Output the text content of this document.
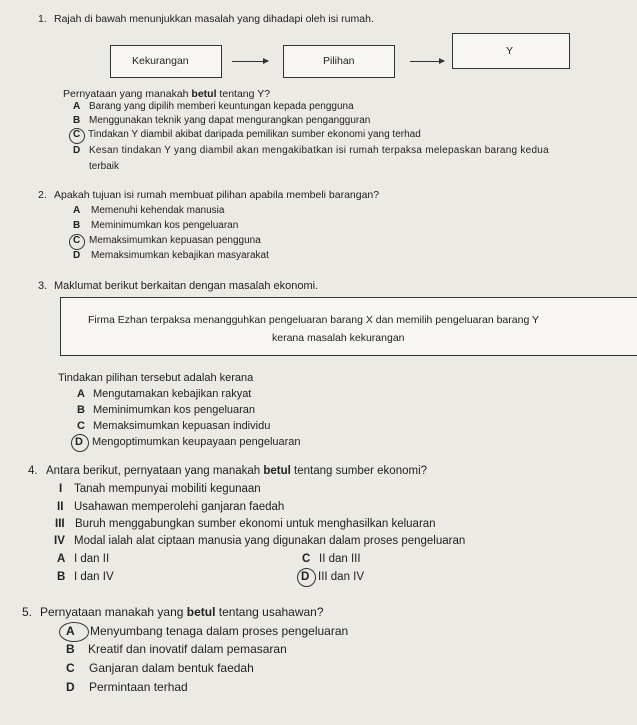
1. Rajah di bawah menunjukkan masalah yang dihadapi oleh isi rumah.
Kekurangan	Pilihan
Y
Pernyataan yang manakah betul tentang Y?
A Barang yang dipilih memberi keuntungan kepada pengguna
B Menggunakan teknik yang dapat mengurangkan pengangguran
C Tindakan Y diambil akibat daripada pemilikan sumber ekonomi yang terhad
D Kesan tindakan Y yang diambil akan mengakibatkan isi rumah terpaksa melepaskan barang kedua
terbaik
2. Apakah tujuan isi rumah membuat pilihan apabila membeli barangan?
A Memenuhi kehendak manusia
B Meminimumkan kos pengeluaran
C Memaksimumkan kepuasan pengguna
D Memaksimumkan kebajikan masyarakat
3. Maklumat berikut berkaitan dengan masalah ekonomi.
Firma Ezhan terpaksa menangguhkan pengeluaran barang X dan memilih pengeluaran barang Y
kerana masalah kekurangan
Tindakan pilihan tersebut adalah kerana
A Mengutamakan kebajikan rakyat
B Meminimumkan kos pengeluaran
C Memaksimumkan kepuasan individu
D Mengoptimumkan keupayaan pengeluaran
4. Antara berikut, pernyataan yang manakah betul tentang sumber ekonomi?
I Tanah mempunyai mobiliti kegunaan
II Usahawan memperolehi ganjaran faedah
III Buruh menggabungkan sumber ekonomi untuk menghasilkan keluaran
IV Modal ialah alat ciptaan manusia yang digunakan dalam proses pengeluaran
A I dan II
B I dan IV
C II dan III
D III dan IV
5. Pernyataan manakah yang betul tentang usahawan?
A Menyumbang tenaga dalam proses pengeluaran
B Kreatif dan inovatif dalam pemasaran
C Ganjaran dalam bentuk faedah
D Permintaan terhad
